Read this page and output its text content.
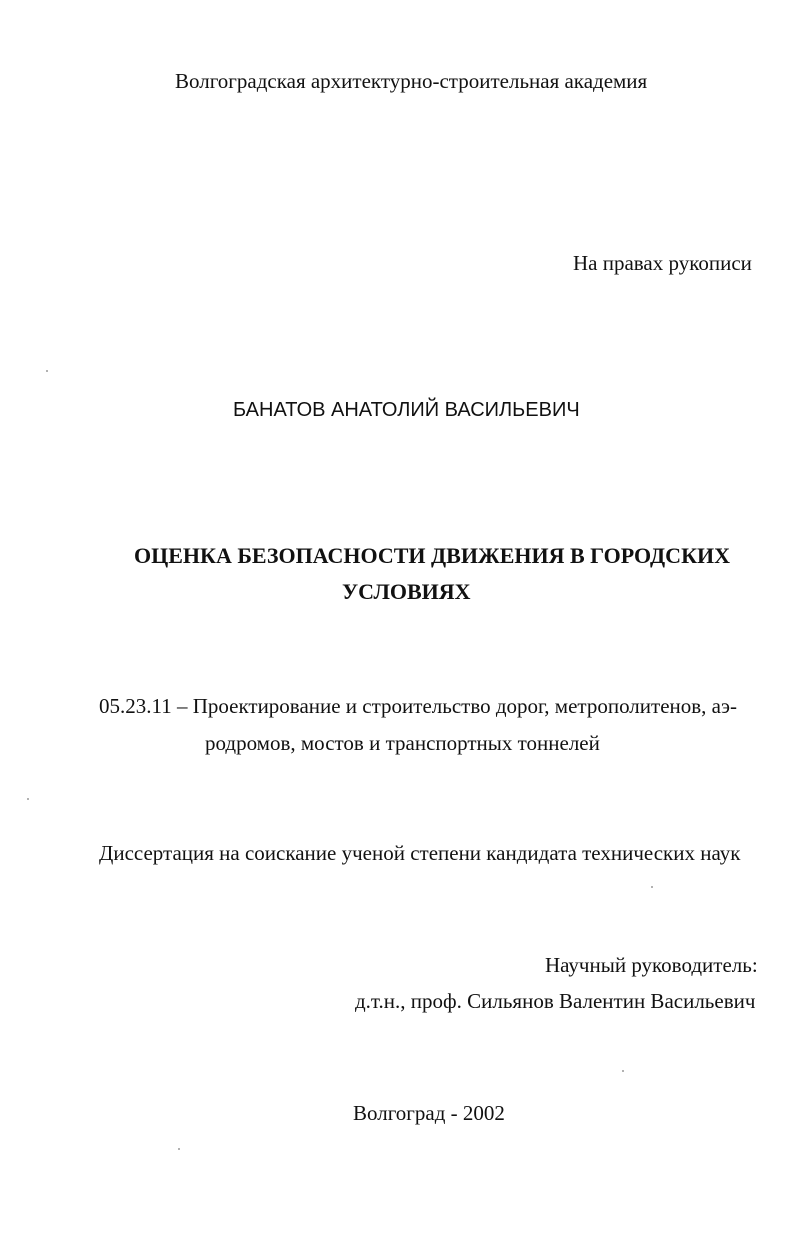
Волгоградская архитектурно-строительная академия
На правах рукописи
БАНАТОВ АНАТОЛИЙ ВАСИЛЬЕВИЧ
ОЦЕНКА БЕЗОПАСНОСТИ ДВИЖЕНИЯ В ГОРОДСКИХ
УСЛОВИЯХ
05.23.11 – Проектирование и строительство дорог, метрополитенов, аэ-
родромов, мостов и транспортных тоннелей
Диссертация на соискание ученой степени кандидата технических наук
Научный руководитель:
д.т.н., проф. Сильянов Валентин Васильевич
Волгоград - 2002
